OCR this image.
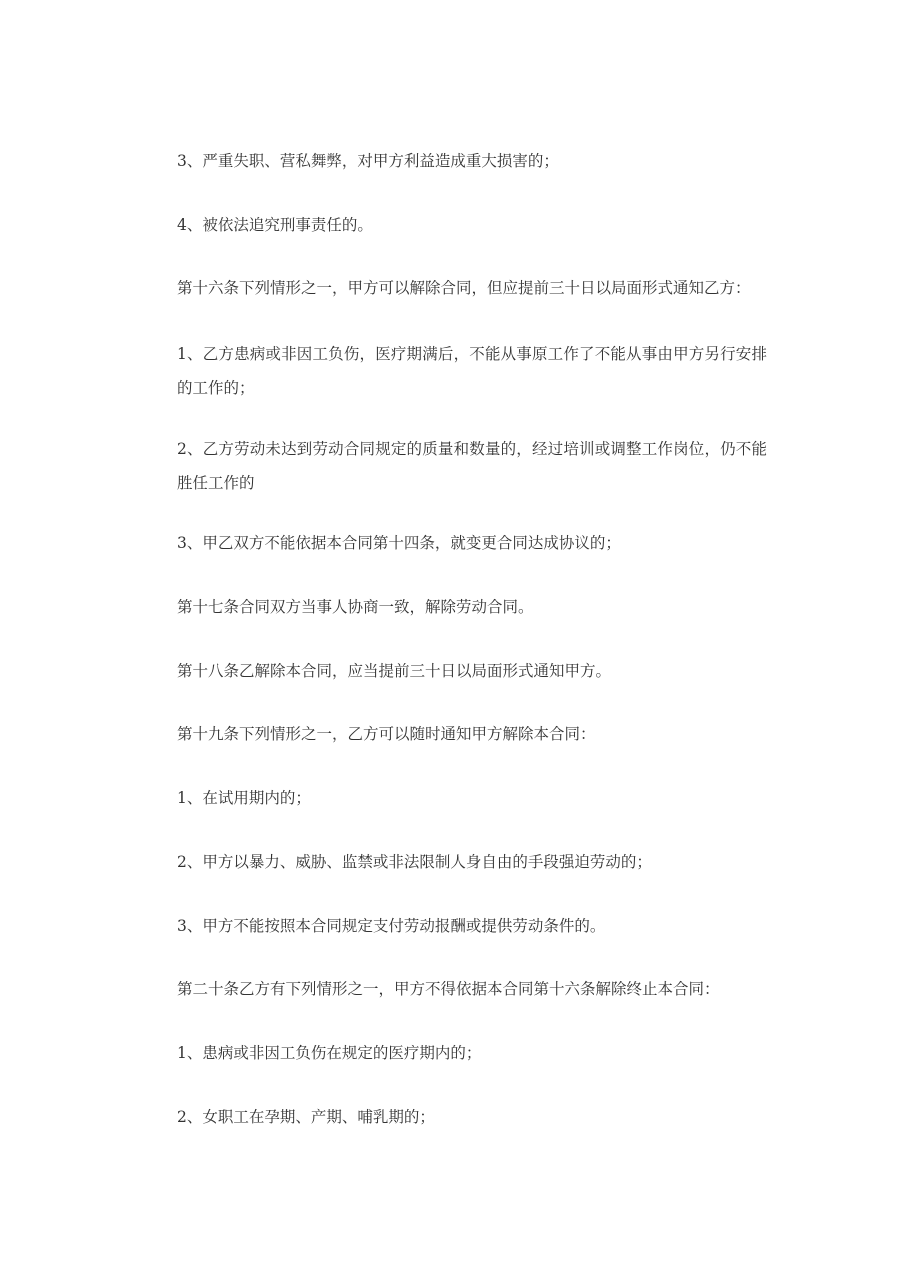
3、严重失职、营私舞弊，对甲方利益造成重大损害的；

4、被依法追究刑事责任的。

第十六条下列情形之一，甲方可以解除合同，但应提前三十日以局面形式通知乙方：

1、乙方患病或非因工负伤，医疗期满后，不能从事原工作了不能从事由甲方另行安排的工作的；

2、乙方劳动未达到劳动合同规定的质量和数量的，经过培训或调整工作岗位，仍不能胜任工作的

3、甲乙双方不能依据本合同第十四条，就变更合同达成协议的；

第十七条合同双方当事人协商一致，解除劳动合同。

第十八条乙解除本合同，应当提前三十日以局面形式通知甲方。

第十九条下列情形之一，乙方可以随时通知甲方解除本合同：

1、在试用期内的；

2、甲方以暴力、威胁、监禁或非法限制人身自由的手段强迫劳动的；

3、甲方不能按照本合同规定支付劳动报酬或提供劳动条件的。

第二十条乙方有下列情形之一，甲方不得依据本合同第十六条解除终止本合同：

1、患病或非因工负伤在规定的医疗期内的；

2、女职工在孕期、产期、哺乳期的；
